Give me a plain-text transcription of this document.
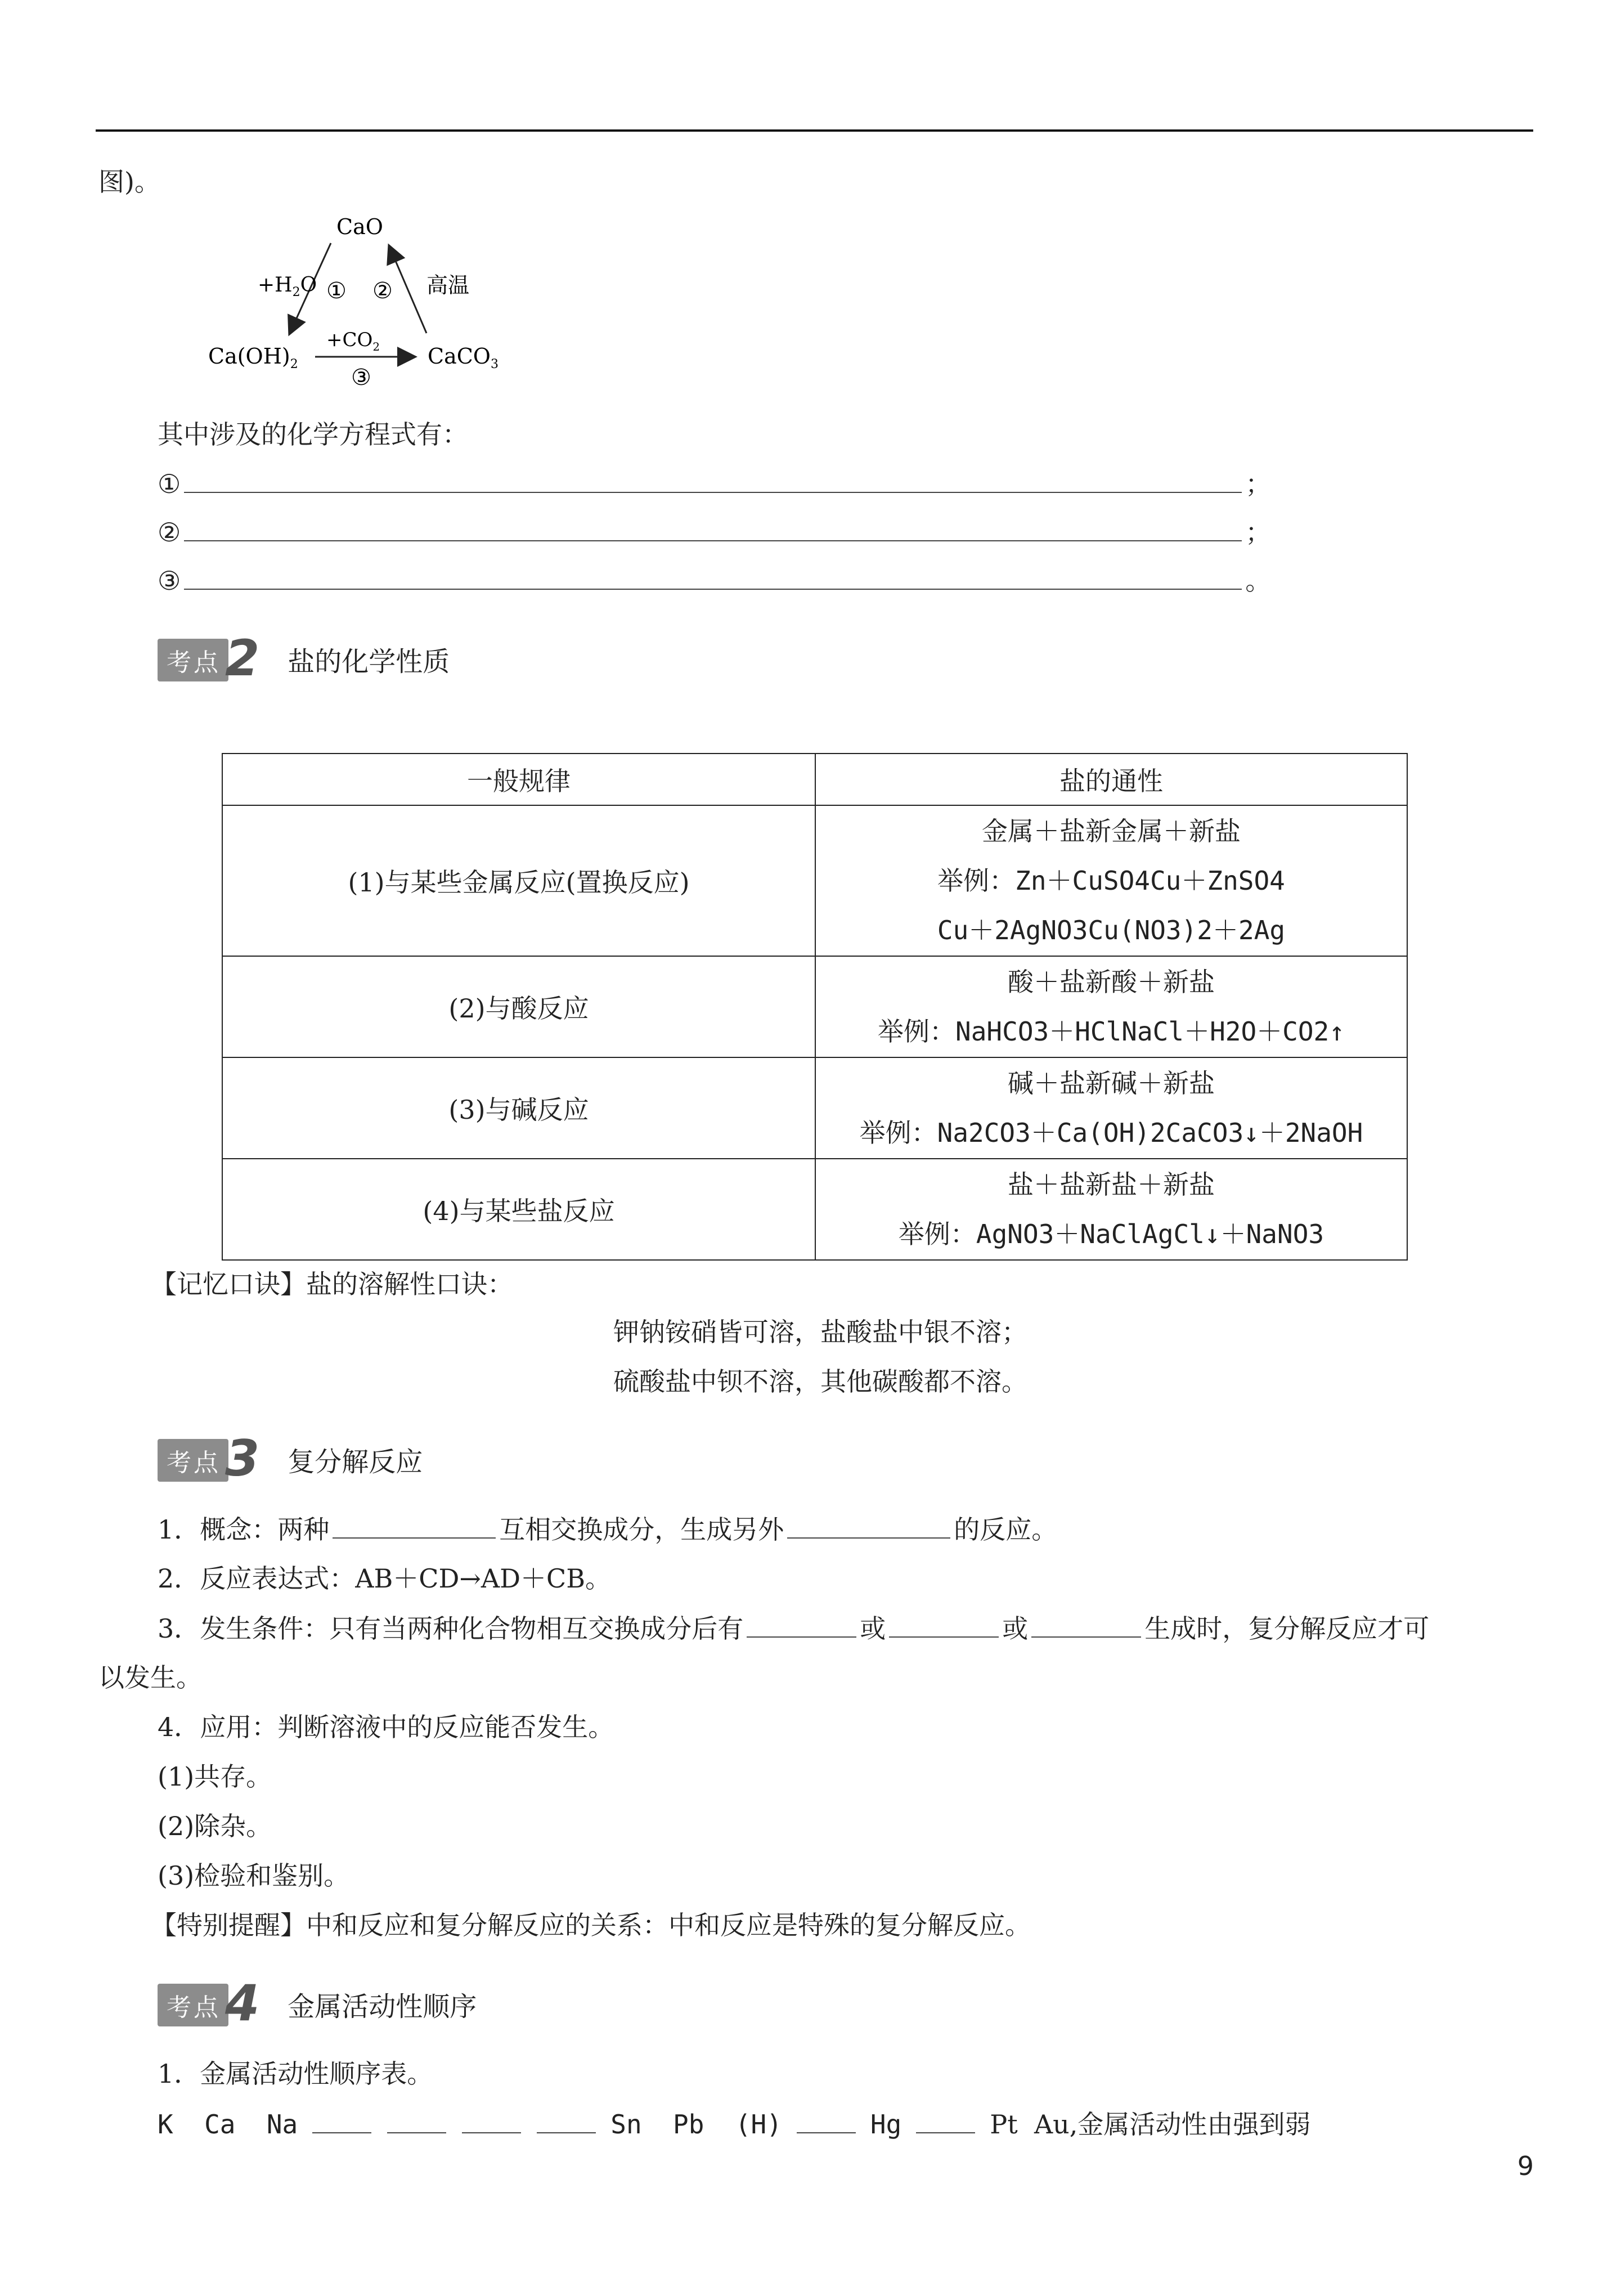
图)。
CaO
$+H_2O$ ① ② 高温
$Ca(OH)_2$
$+CO_2$
③
CaCO$_3$
其中涉及的化学方程式有：
①	；
②	；
③	。
考点2 盐的化学性质
一般规律	盐的通性
(1)与某些金属反应(置换反应)	金属＋盐新金属＋新盐
举例：Zn＋CuSO4Cu＋ZnSO4
Cu＋2AgNO3Cu(NO3)2＋2Ag

(2)与酸反应	酸＋盐新酸＋新盐
举例：NaHCO3＋HClNaCl＋H2O＋CO2↑

(3)与碱反应	碱＋盐新碱＋新盐
举例：Na2CO3＋Ca(OH)2CaCO3↓＋2NaOH

(4)与某些盐反应	盐＋盐新盐＋新盐
举例：AgNO3＋NaClAgCl↓＋NaNO3
【记忆口诀】盐的溶解性口诀：
钾钠铵硝皆可溶，盐酸盐中银不溶；
硫酸盐中钡不溶，其他碳酸都不溶。
考点3 复分解反应
1．概念：两种	互相交换成分，生成另外	的反应。
2．反应表达式：AB＋CD→AD＋CB。
3．发生条件：只有当两种化合物相互交换成分后有	或	或	生成时，复分解反应才可
以发生。
4．应用：判断溶液中的反应能否发生。
(1)共存。
(2)除杂。
(3)检验和鉴别。
【特别提醒】中和反应和复分解反应的关系：中和反应是特殊的复分解反应。
考点4 金属活动性顺序
1．金属活动性顺序表。
K  Ca  Na	Sn  Pb  (H)	Hg	Pt  Au,金属活动性由强到弱
9
